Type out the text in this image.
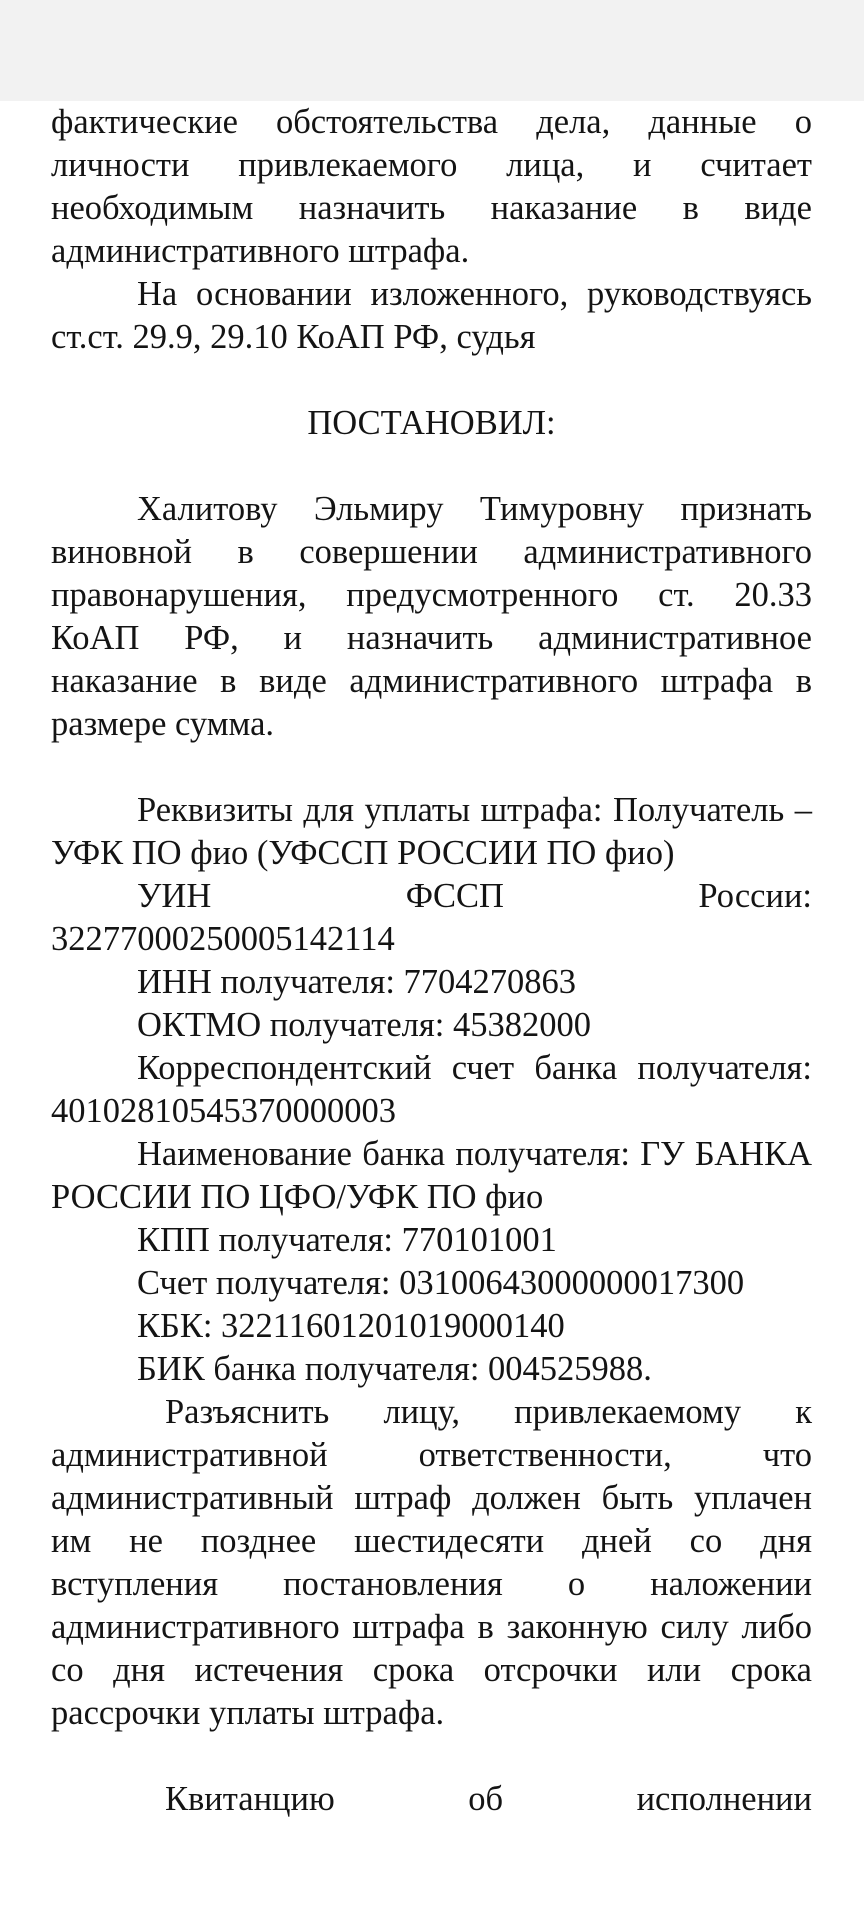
фактические обстоятельства дела, данные о личности привлекаемого лица, и считает необходимым назначить наказание в виде административного штрафа.

На основании изложенного, руководствуясь ст.ст. 29.9, 29.10 КоАП РФ, судья

ПОСТАНОВИЛ:

Халитову Эльмиру Тимуровну признать виновной в совершении административного правонарушения, предусмотренного ст. 20.33 КоАП РФ, и назначить административное наказание в виде административного штрафа в размере сумма.

Реквизиты для уплаты штрафа: Получатель – УФК ПО фио (УФССП РОССИИ ПО фио)

УИН ФССП России:

32277000250005142114

ИНН получателя: 7704270863

ОКТМО получателя: 45382000

Корреспондентский счет банка получателя: 40102810545370000003

Наименование банка получателя: ГУ БАНКА РОССИИ ПО ЦФО/УФК ПО фио

КПП получателя: 770101001

Счет получателя: 03100643000000017300

КБК: 32211601201019000140

БИК банка получателя: 004525988.

Разъяснить лицу, привлекаемому к административной ответственности, что административный штраф должен быть уплачен им не позднее шестидесяти дней со дня вступления постановления о наложении административного штрафа в законную силу либо со дня истечения срока отсрочки или срока рассрочки уплаты штрафа.

Квитанцию об исполнении
